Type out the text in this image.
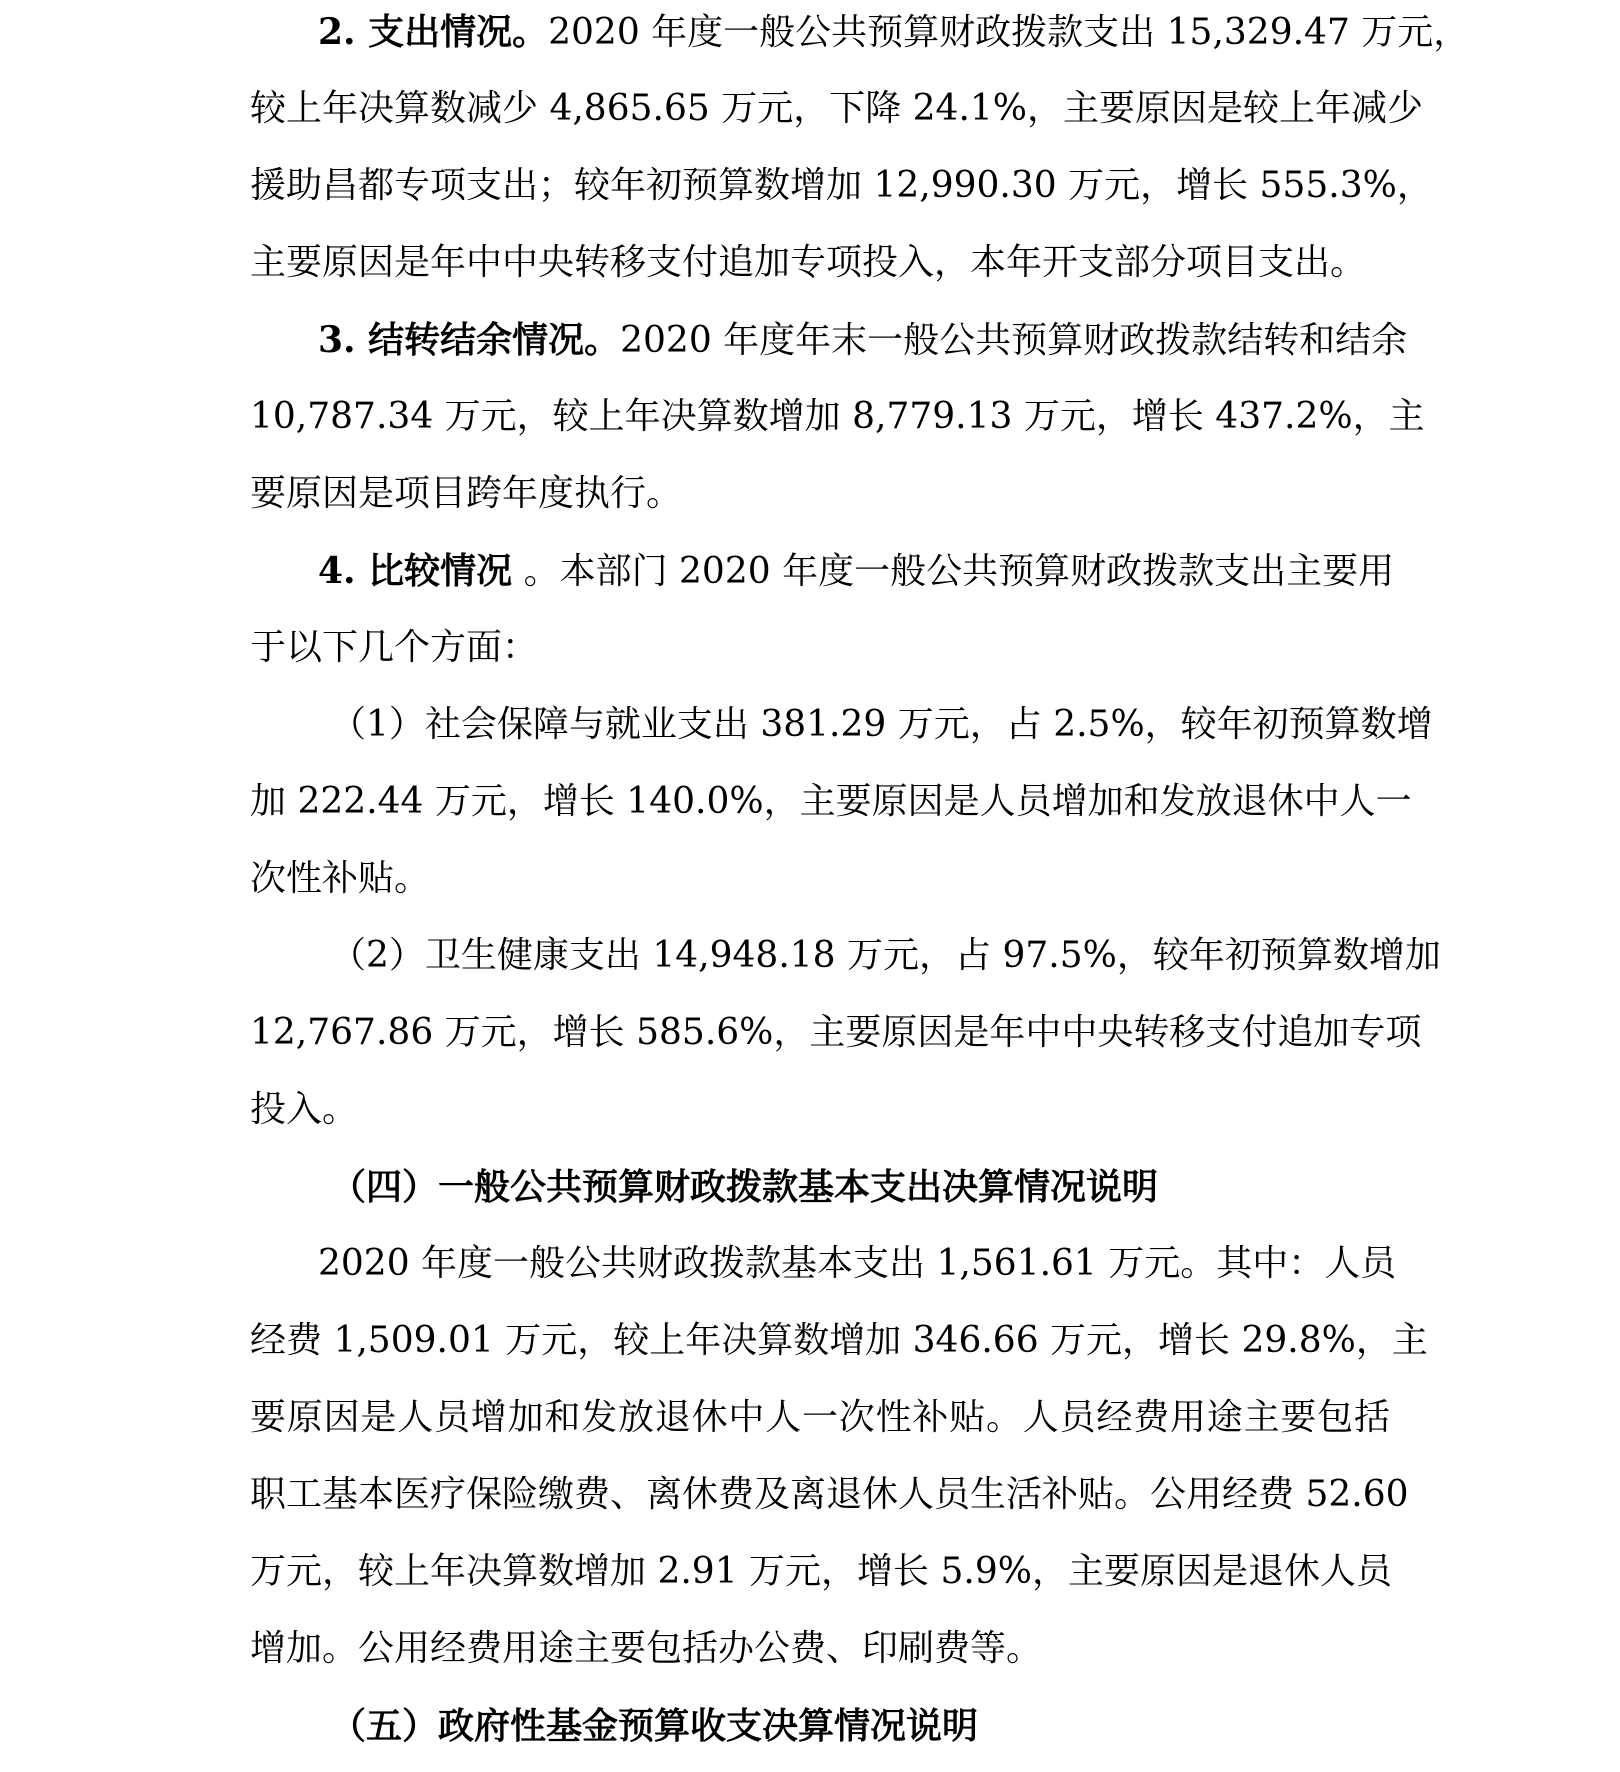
2. 支出情况。2020 年度一般公共预算财政拨款支出 15,329.47 万元，
较上年决算数减少 4,865.65 万元，下降 24.1%，主要原因是较上年减少
援助昌都专项支出；较年初预算数增加 12,990.30 万元，增长 555.3%，
主要原因是年中中央转移支付追加专项投入，本年开支部分项目支出。
3. 结转结余情况。2020 年度年末一般公共预算财政拨款结转和结余
10,787.34 万元，较上年决算数增加 8,779.13 万元，增长 437.2%，主
要原因是项目跨年度执行。
4. 比较情况 。本部门 2020 年度一般公共预算财政拨款支出主要用
于以下几个方面：
（1）社会保障与就业支出 381.29 万元，占 2.5%，较年初预算数增
加 222.44 万元，增长 140.0%，主要原因是人员增加和发放退休中人一
次性补贴。
（2）卫生健康支出 14,948.18 万元，占 97.5%，较年初预算数增加
12,767.86 万元，增长 585.6%，主要原因是年中中央转移支付追加专项
投入。
（四）一般公共预算财政拨款基本支出决算情况说明
2020 年度一般公共财政拨款基本支出 1,561.61 万元。其中：人员
经费 1,509.01 万元，较上年决算数增加 346.66 万元，增长 29.8%，主
要原因是人员增加和发放退休中人一次性补贴。人员经费用途主要包括
职工基本医疗保险缴费、离休费及离退休人员生活补贴。公用经费 52.60
万元，较上年决算数增加 2.91 万元，增长 5.9%，主要原因是退休人员
增加。公用经费用途主要包括办公费、印刷费等。
（五）政府性基金预算收支决算情况说明
